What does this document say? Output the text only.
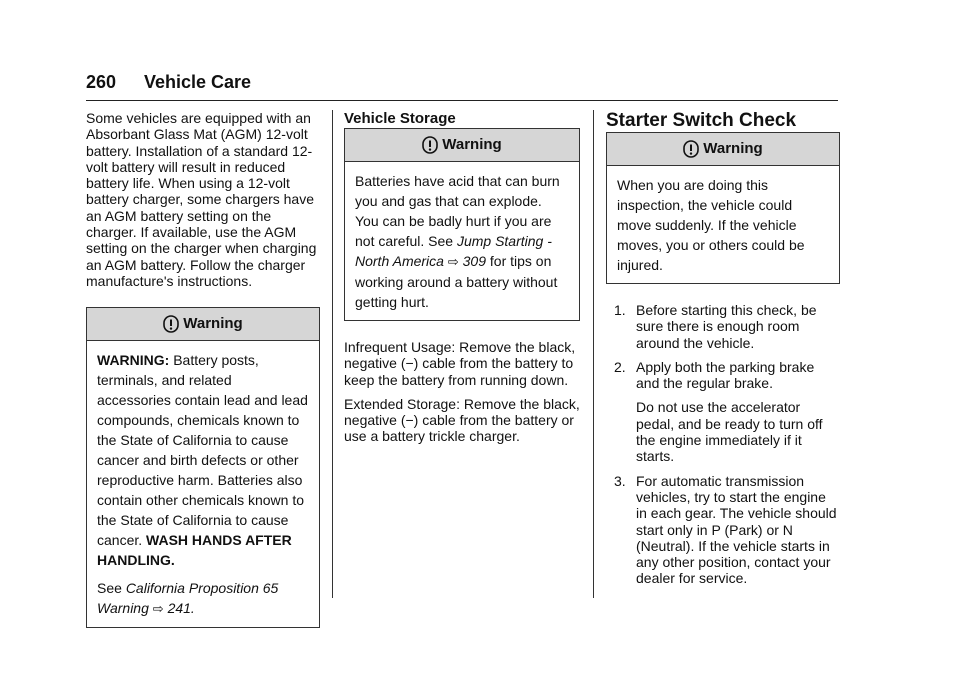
260 Vehicle Care

Some vehicles are equipped with an Absorbant Glass Mat (AGM) 12-volt battery. Installation of a standard 12-volt battery will result in reduced battery life. When using a 12-volt battery charger, some chargers have an AGM battery setting on the charger. If available, use the AGM setting on the charger when charging an AGM battery. Follow the charger manufacture's instructions.

Warning

WARNING: Battery posts, terminals, and related accessories contain lead and lead compounds, chemicals known to the State of California to cause cancer and birth defects or other reproductive harm. Batteries also contain other chemicals known to the State of California to cause cancer. WASH HANDS AFTER HANDLING.

See California Proposition 65 Warning ⇨ 241.

Vehicle Storage

Warning

Batteries have acid that can burn you and gas that can explode. You can be badly hurt if you are not careful. See Jump Starting - North America ⇨ 309 for tips on working around a battery without getting hurt.

Infrequent Usage: Remove the black, negative (−) cable from the battery to keep the battery from running down.

Extended Storage: Remove the black, negative (−) cable from the battery or use a battery trickle charger.

Starter Switch Check

Warning

When you are doing this inspection, the vehicle could move suddenly. If the vehicle moves, you or others could be injured.

1. Before starting this check, be sure there is enough room around the vehicle.

2. Apply both the parking brake and the regular brake.

Do not use the accelerator pedal, and be ready to turn off the engine immediately if it starts.

3. For automatic transmission vehicles, try to start the engine in each gear. The vehicle should start only in P (Park) or N (Neutral). If the vehicle starts in any other position, contact your dealer for service.
